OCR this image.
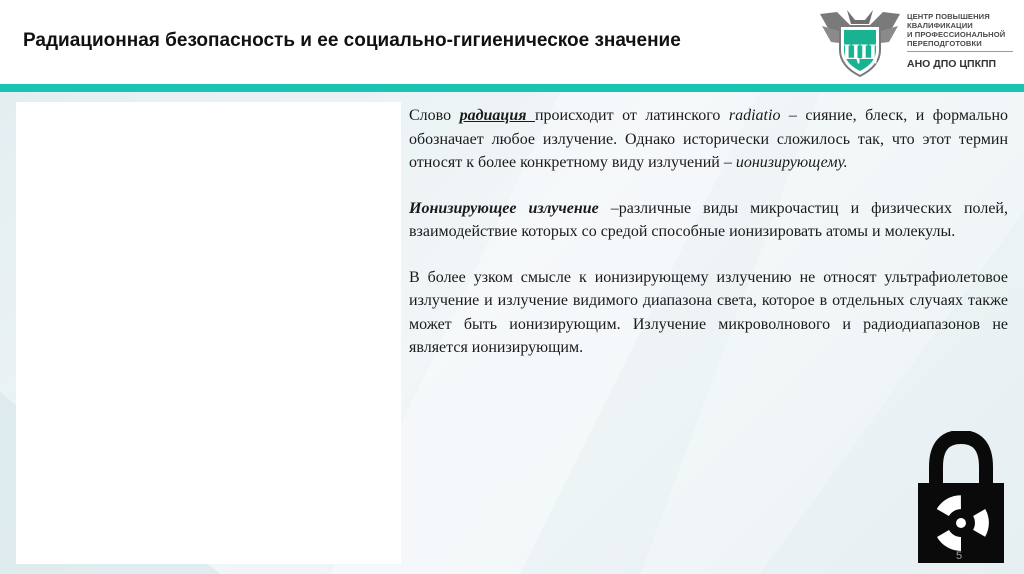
Радиационная безопасность и ее социально-гигиеническое значение	ЦЦ
ЦЕНТР ПОВЫШЕНИЯ
КВАЛИФИКАЦИИ
И ПРОФЕССИОНАЛЬНОЙ
ПЕРЕПОДГОТОВКИ
АНО ДПО ЦПКПП

Слово радиация происходит от латинского radiatio – сияние, блеск, и формально обозначает любое излучение. Однако исторически сложилось так, что этот термин относят к более конкретному виду излучений – ионизирующему.

Ионизирующее излучение –различные виды микрочастиц и физических полей, взаимодействие которых со средой способные ионизировать атомы и молекулы.

В более узком смысле к ионизирующему излучению не относят ультрафиолетовое излучение и излучение видимого диапазона света, которое в отдельных случаях также может быть ионизирующим. Излучение микроволнового и радиодиапазонов не является ионизирующим.

5
